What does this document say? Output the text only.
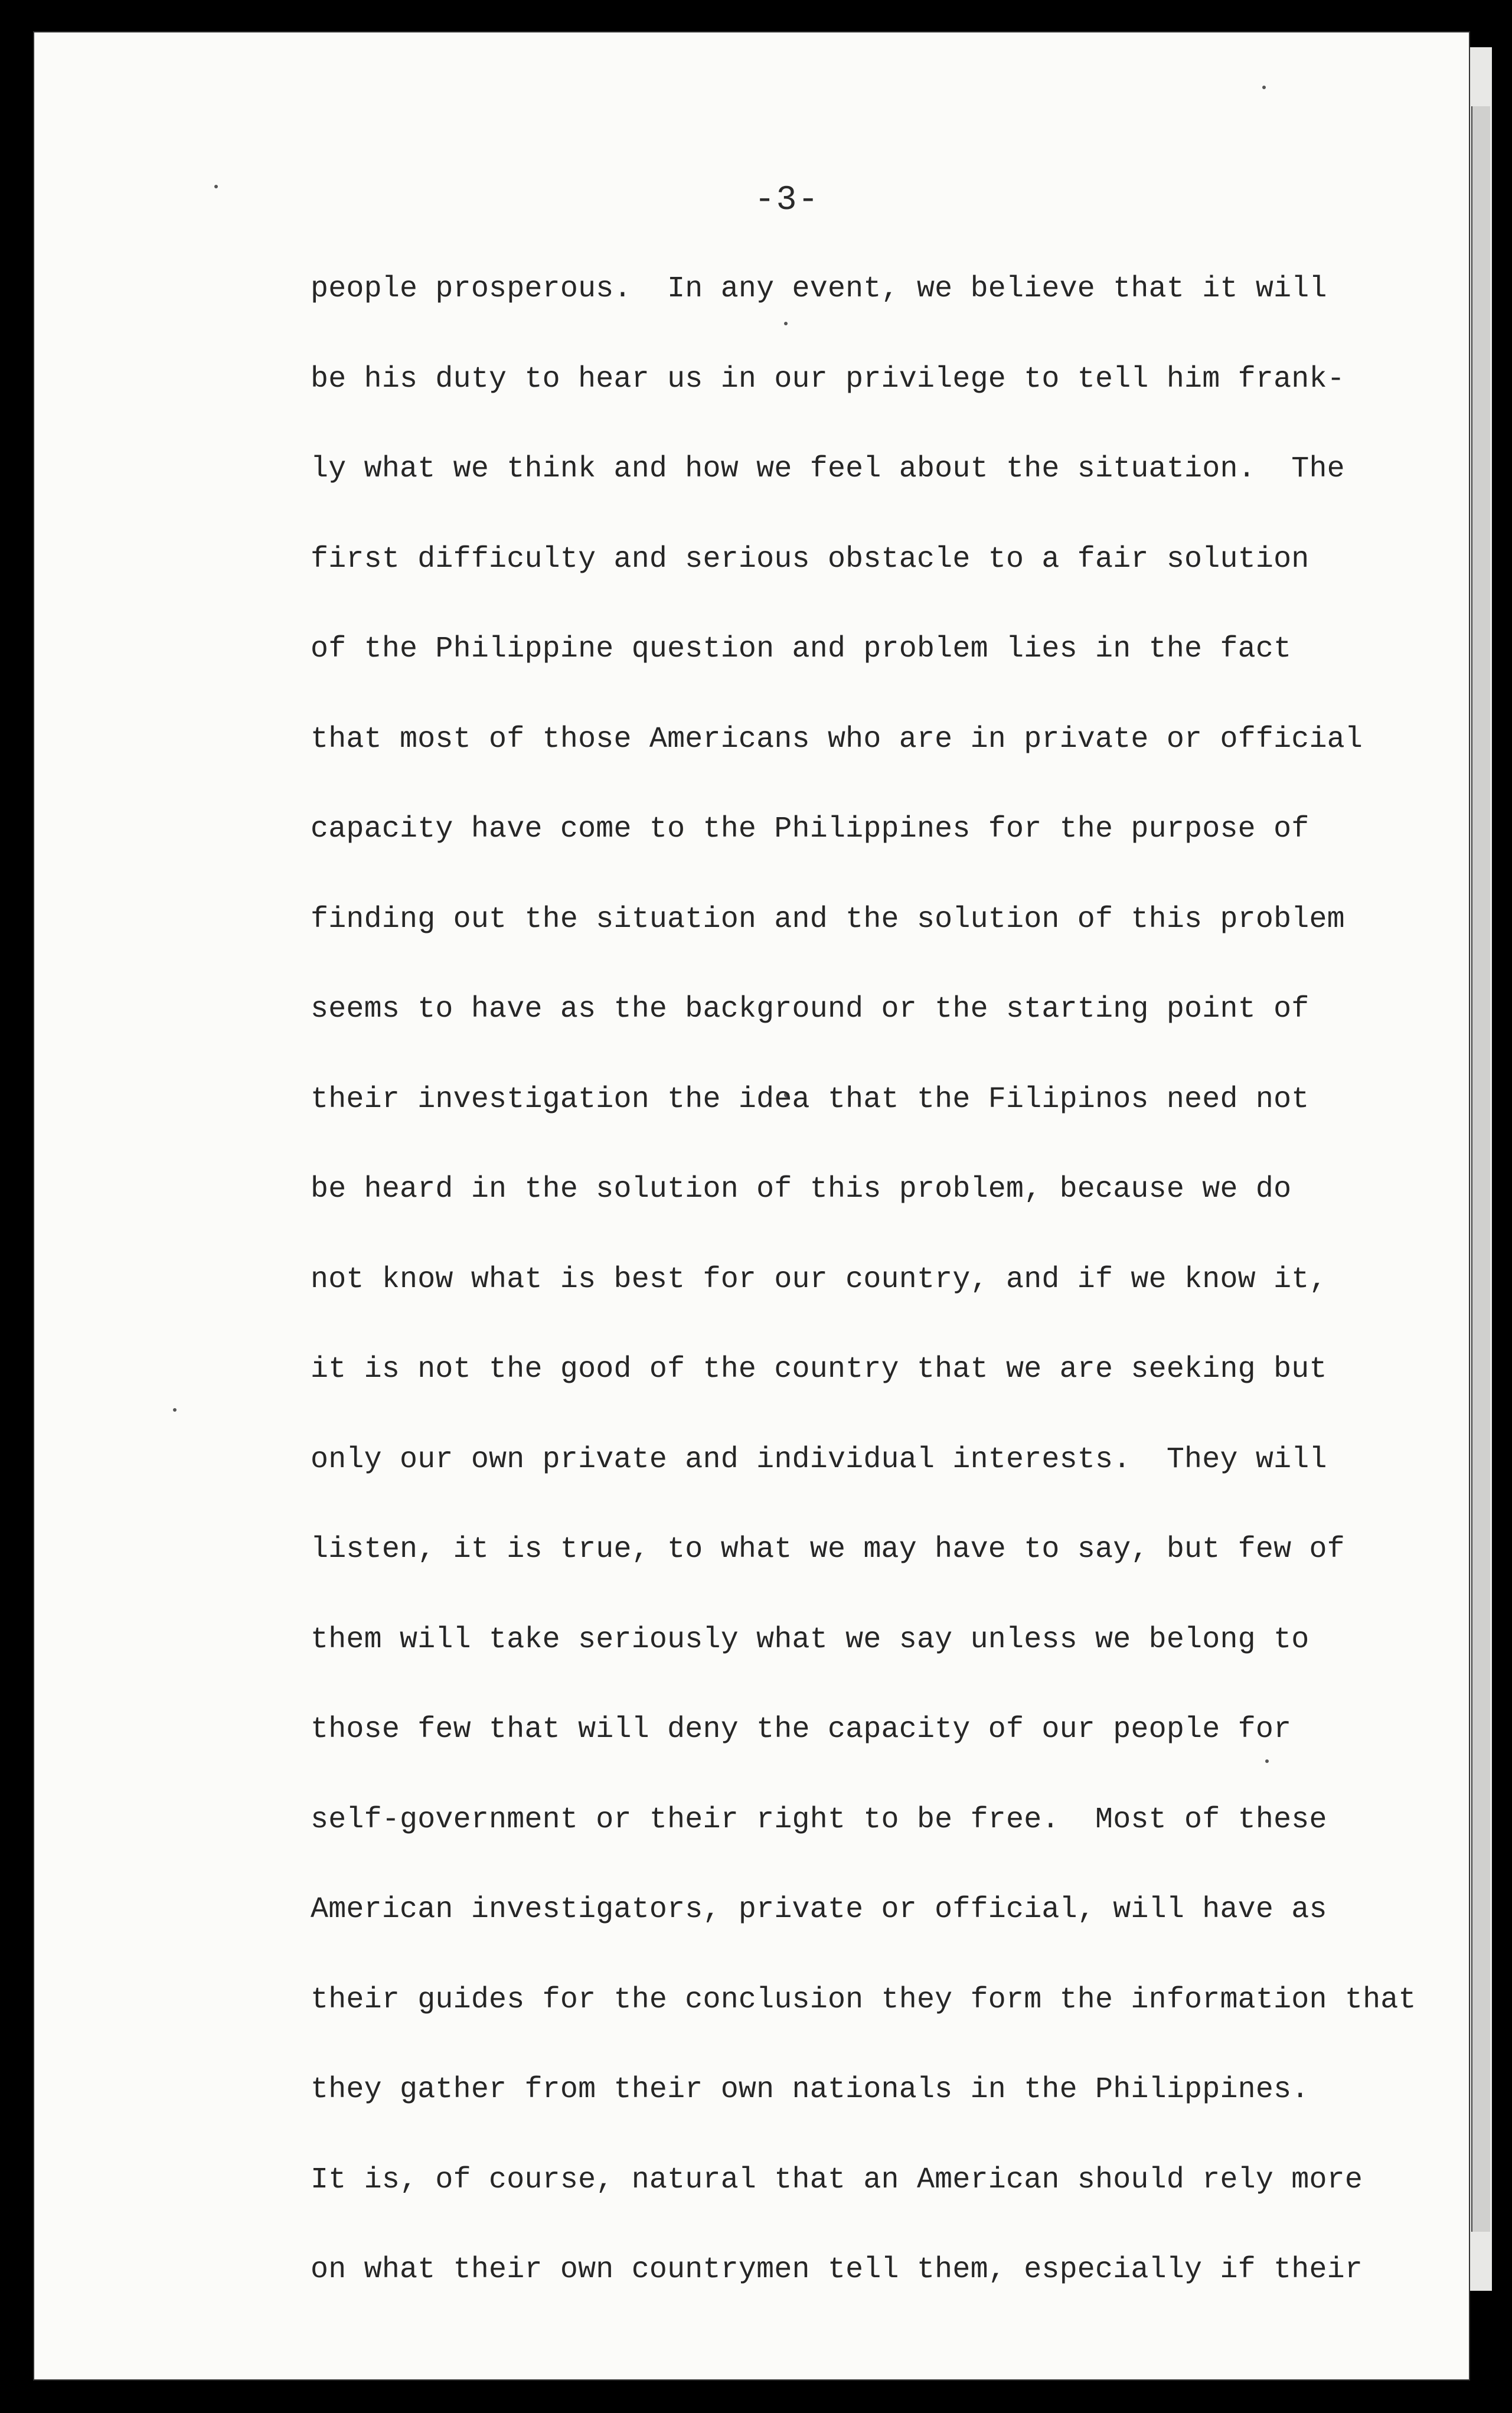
-3-
people prosperous.  In any event, we believe that it will
be his duty to hear us in our privilege to tell him frank-
ly what we think and how we feel about the situation.  The
first difficulty and serious obstacle to a fair solution
of the Philippine question and problem lies in the fact
that most of those Americans who are in private or official
capacity have come to the Philippines for the purpose of
finding out the situation and the solution of this problem
seems to have as the background or the starting point of
their investigation the idea that the Filipinos need not
be heard in the solution of this problem, because we do
not know what is best for our country, and if we know it,
it is not the good of the country that we are seeking but
only our own private and individual interests.  They will
listen, it is true, to what we may have to say, but few of
them will take seriously what we say unless we belong to
those few that will deny the capacity of our people for
self-government or their right to be free.  Most of these
American investigators, private or official, will have as
their guides for the conclusion they form the information that
they gather from their own nationals in the Philippines.
It is, of course, natural that an American should rely more
on what their own countrymen tell them, especially if their
